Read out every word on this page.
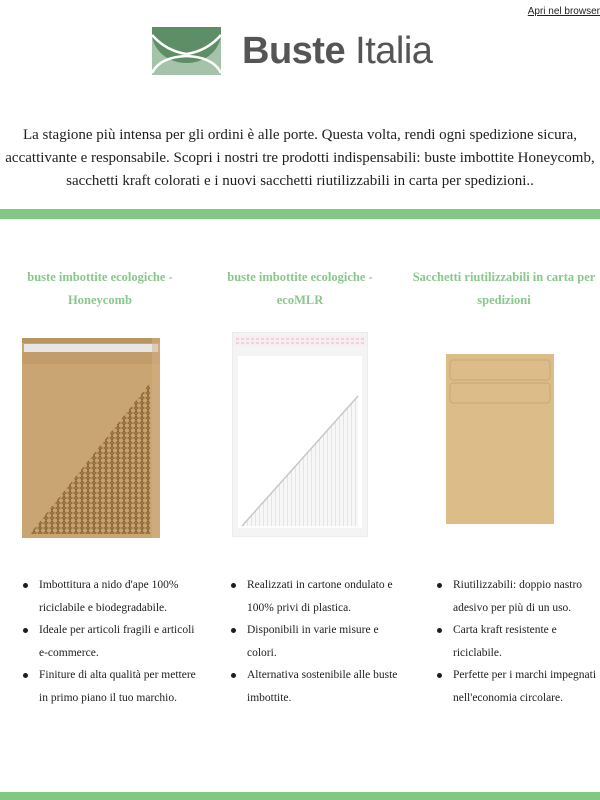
Apri nel browser
Buste Italia

La stagione più intensa per gli ordini è alle porte. Questa volta, rendi ogni spedizione sicura, accattivante e responsabile. Scopri i nostri tre prodotti indispensabili: buste imbottite Honeycomb, sacchetti kraft colorati e i nuovi sacchetti riutilizzabili in carta per spedizioni..

buste imbottite ecologiche - Honeycomb
Imbottitura a nido d'ape 100% riciclabile e biodegradabile.
Ideale per articoli fragili e articoli e-commerce.
Finiture di alta qualità per mettere in primo piano il tuo marchio.
buste imbottite ecologiche - ecoMLR
Realizzati in cartone ondulato e 100% privi di plastica.
Disponibili in varie misure e colori.
Alternativa sostenibile alle buste imbottite.
Sacchetti riutilizzabili in carta per spedizioni
Riutilizzabili: doppio nastro adesivo per più di un uso.
Carta kraft resistente e riciclabile.
Perfette per i marchi impegnati nell'economia circolare.
